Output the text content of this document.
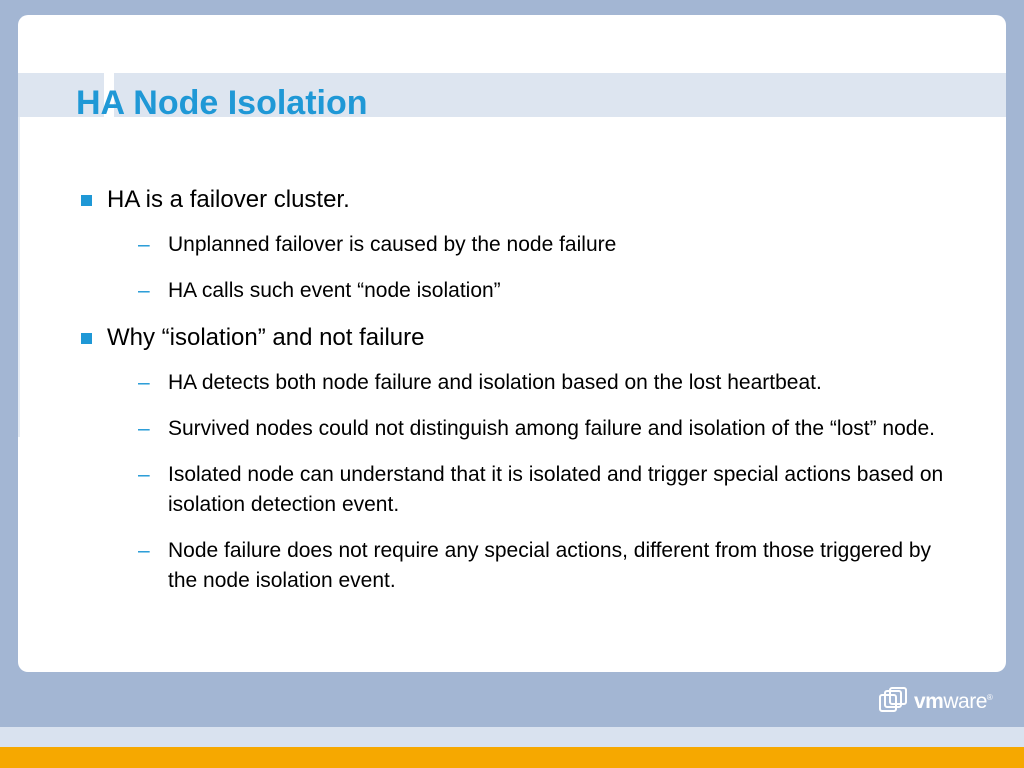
HA Node Isolation
HA is a failover cluster.
– Unplanned failover is caused by the node failure
– HA calls such event “node isolation”
Why “isolation” and not failure
– HA detects both node failure and isolation based on the lost heartbeat.
– Survived nodes could not distinguish among failure and isolation of the “lost” node.
– Isolated node can understand that it is isolated and trigger special actions based on isolation detection event.
– Node failure does not require any special actions, different from those triggered by the node isolation event.
vmware®
